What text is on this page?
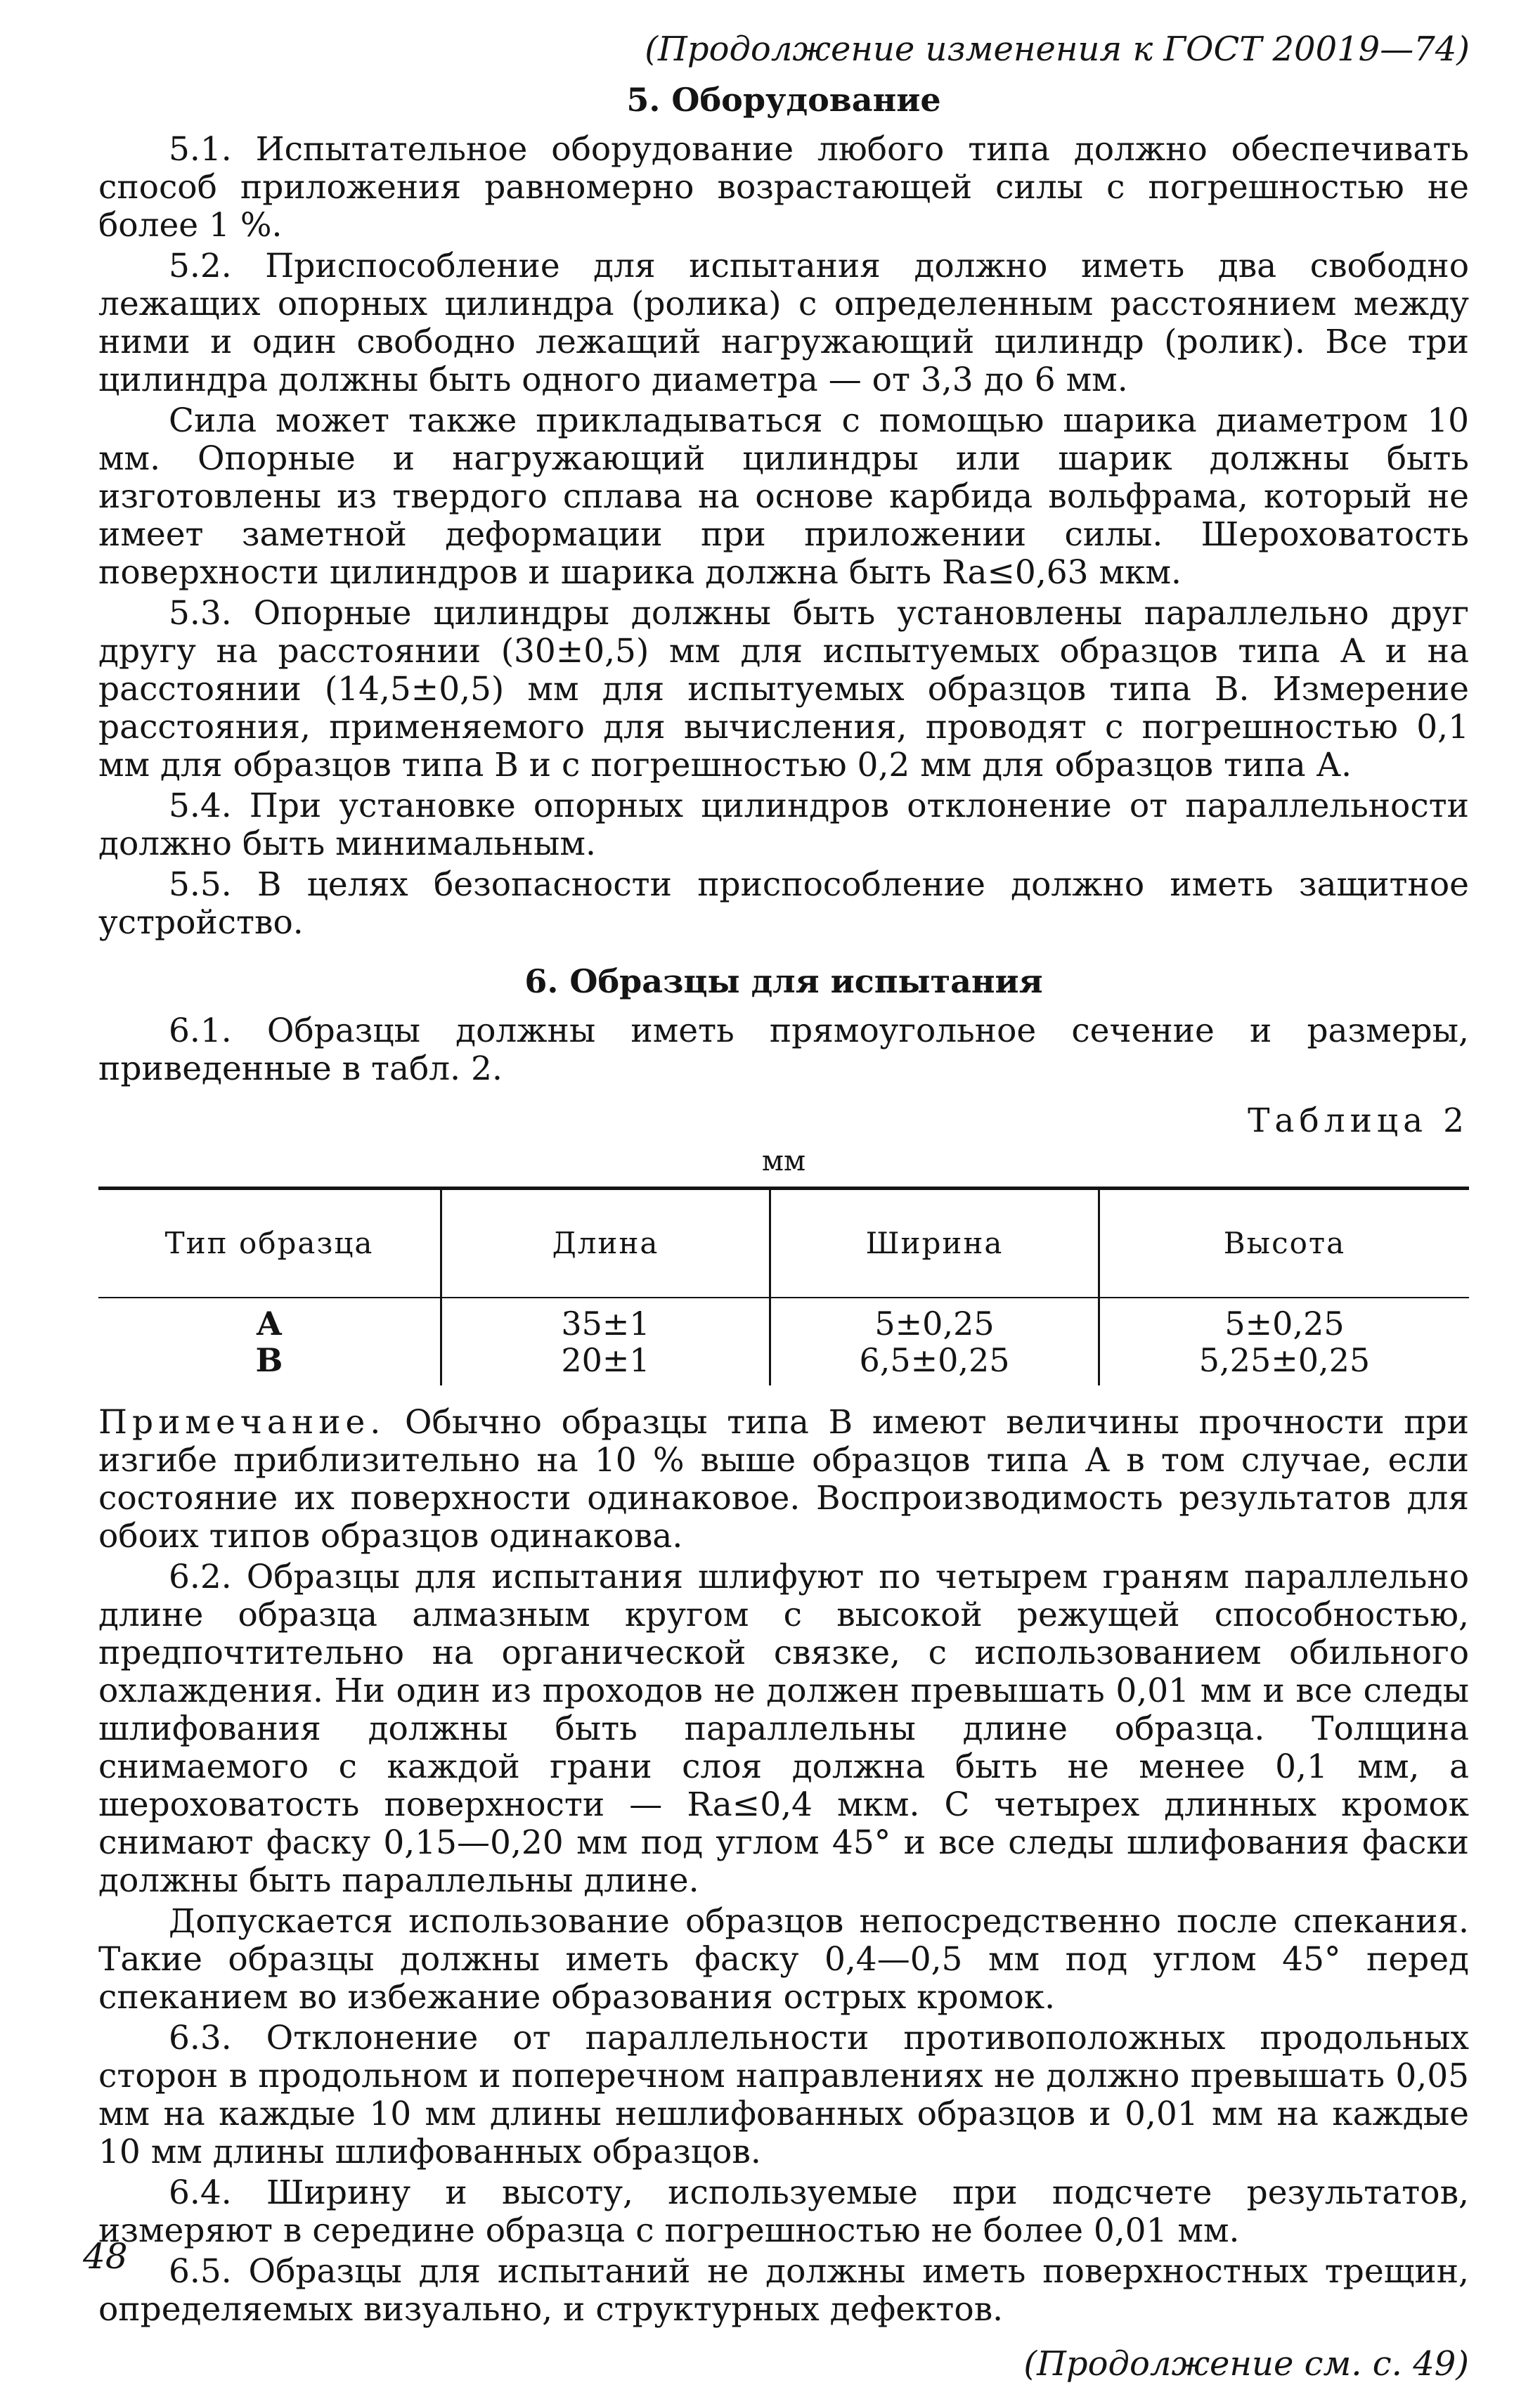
(Продолжение изменения к ГОСТ 20019—74)
5. Оборудование

5.1. Испытательное оборудование любого типа должно обеспечивать способ приложения равномерно возрастающей силы с погрешностью не более 1 %.

5.2. Приспособление для испытания должно иметь два свободно лежащих опорных цилиндра (ролика) с определенным расстоянием между ними и один свободно лежащий нагружающий цилиндр (ролик). Все три цилиндра должны быть одного диаметра — от 3,3 до 6 мм.

Сила может также прикладываться с помощью шарика диаметром 10 мм. Опорные и нагружающий цилиндры или шарик должны быть изготовлены из твердого сплава на основе карбида вольфрама, который не имеет заметной деформации при приложении силы. Шероховатость поверхности цилиндров и шарика должна быть Ra≤0,63 мкм.

5.3. Опорные цилиндры должны быть установлены параллельно друг другу на расстоянии (30±0,5) мм для испытуемых образцов типа А и на расстоянии (14,5±0,5) мм для испытуемых образцов типа В. Измерение расстояния, применяемого для вычисления, проводят с погрешностью 0,1 мм для образцов типа В и с погрешностью 0,2 мм для образцов типа А.

5.4. При установке опорных цилиндров отклонение от параллельности должно быть минимальным.

5.5. В целях безопасности приспособление должно иметь защитное устройство.

6. Образцы для испытания

6.1. Образцы должны иметь прямоугольное сечение и размеры, приведенные в табл. 2.

Таблица 2
мм
Тип образца	Длина	Ширина	Высота
А	35±1	5±0,25	5±0,25
В	20±1	6,5±0,25	5,25±0,25

Примечание. Обычно образцы типа В имеют величины прочности при изгибе приблизительно на 10 % выше образцов типа А в том случае, если состояние их поверхности одинаковое. Воспроизводимость результатов для обоих типов образцов одинакова.

6.2. Образцы для испытания шлифуют по четырем граням параллельно длине образца алмазным кругом с высокой режущей способностью, предпочтительно на органической связке, с использованием обильного охлаждения. Ни один из проходов не должен превышать 0,01 мм и все следы шлифования должны быть параллельны длине образца. Толщина снимаемого с каждой грани слоя должна быть не менее 0,1 мм, а шероховатость поверхности — Ra≤0,4 мкм. С четырех длинных кромок снимают фаску 0,15—0,20 мм под углом 45° и все следы шлифования фаски должны быть параллельны длине.

Допускается использование образцов непосредственно после спекания. Такие образцы должны иметь фаску 0,4—0,5 мм под углом 45° перед спеканием во избежание образования острых кромок.

6.3. Отклонение от параллельности противоположных продольных сторон в продольном и поперечном направлениях не должно превышать 0,05 мм на каждые 10 мм длины нешлифованных образцов и 0,01 мм на каждые 10 мм длины шлифованных образцов.

6.4. Ширину и высоту, используемые при подсчете результатов, измеряют в середине образца с погрешностью не более 0,01 мм.

6.5. Образцы для испытаний не должны иметь поверхностных трещин, определяемых визуально, и структурных дефектов.

(Продолжение см. с. 49)
48
